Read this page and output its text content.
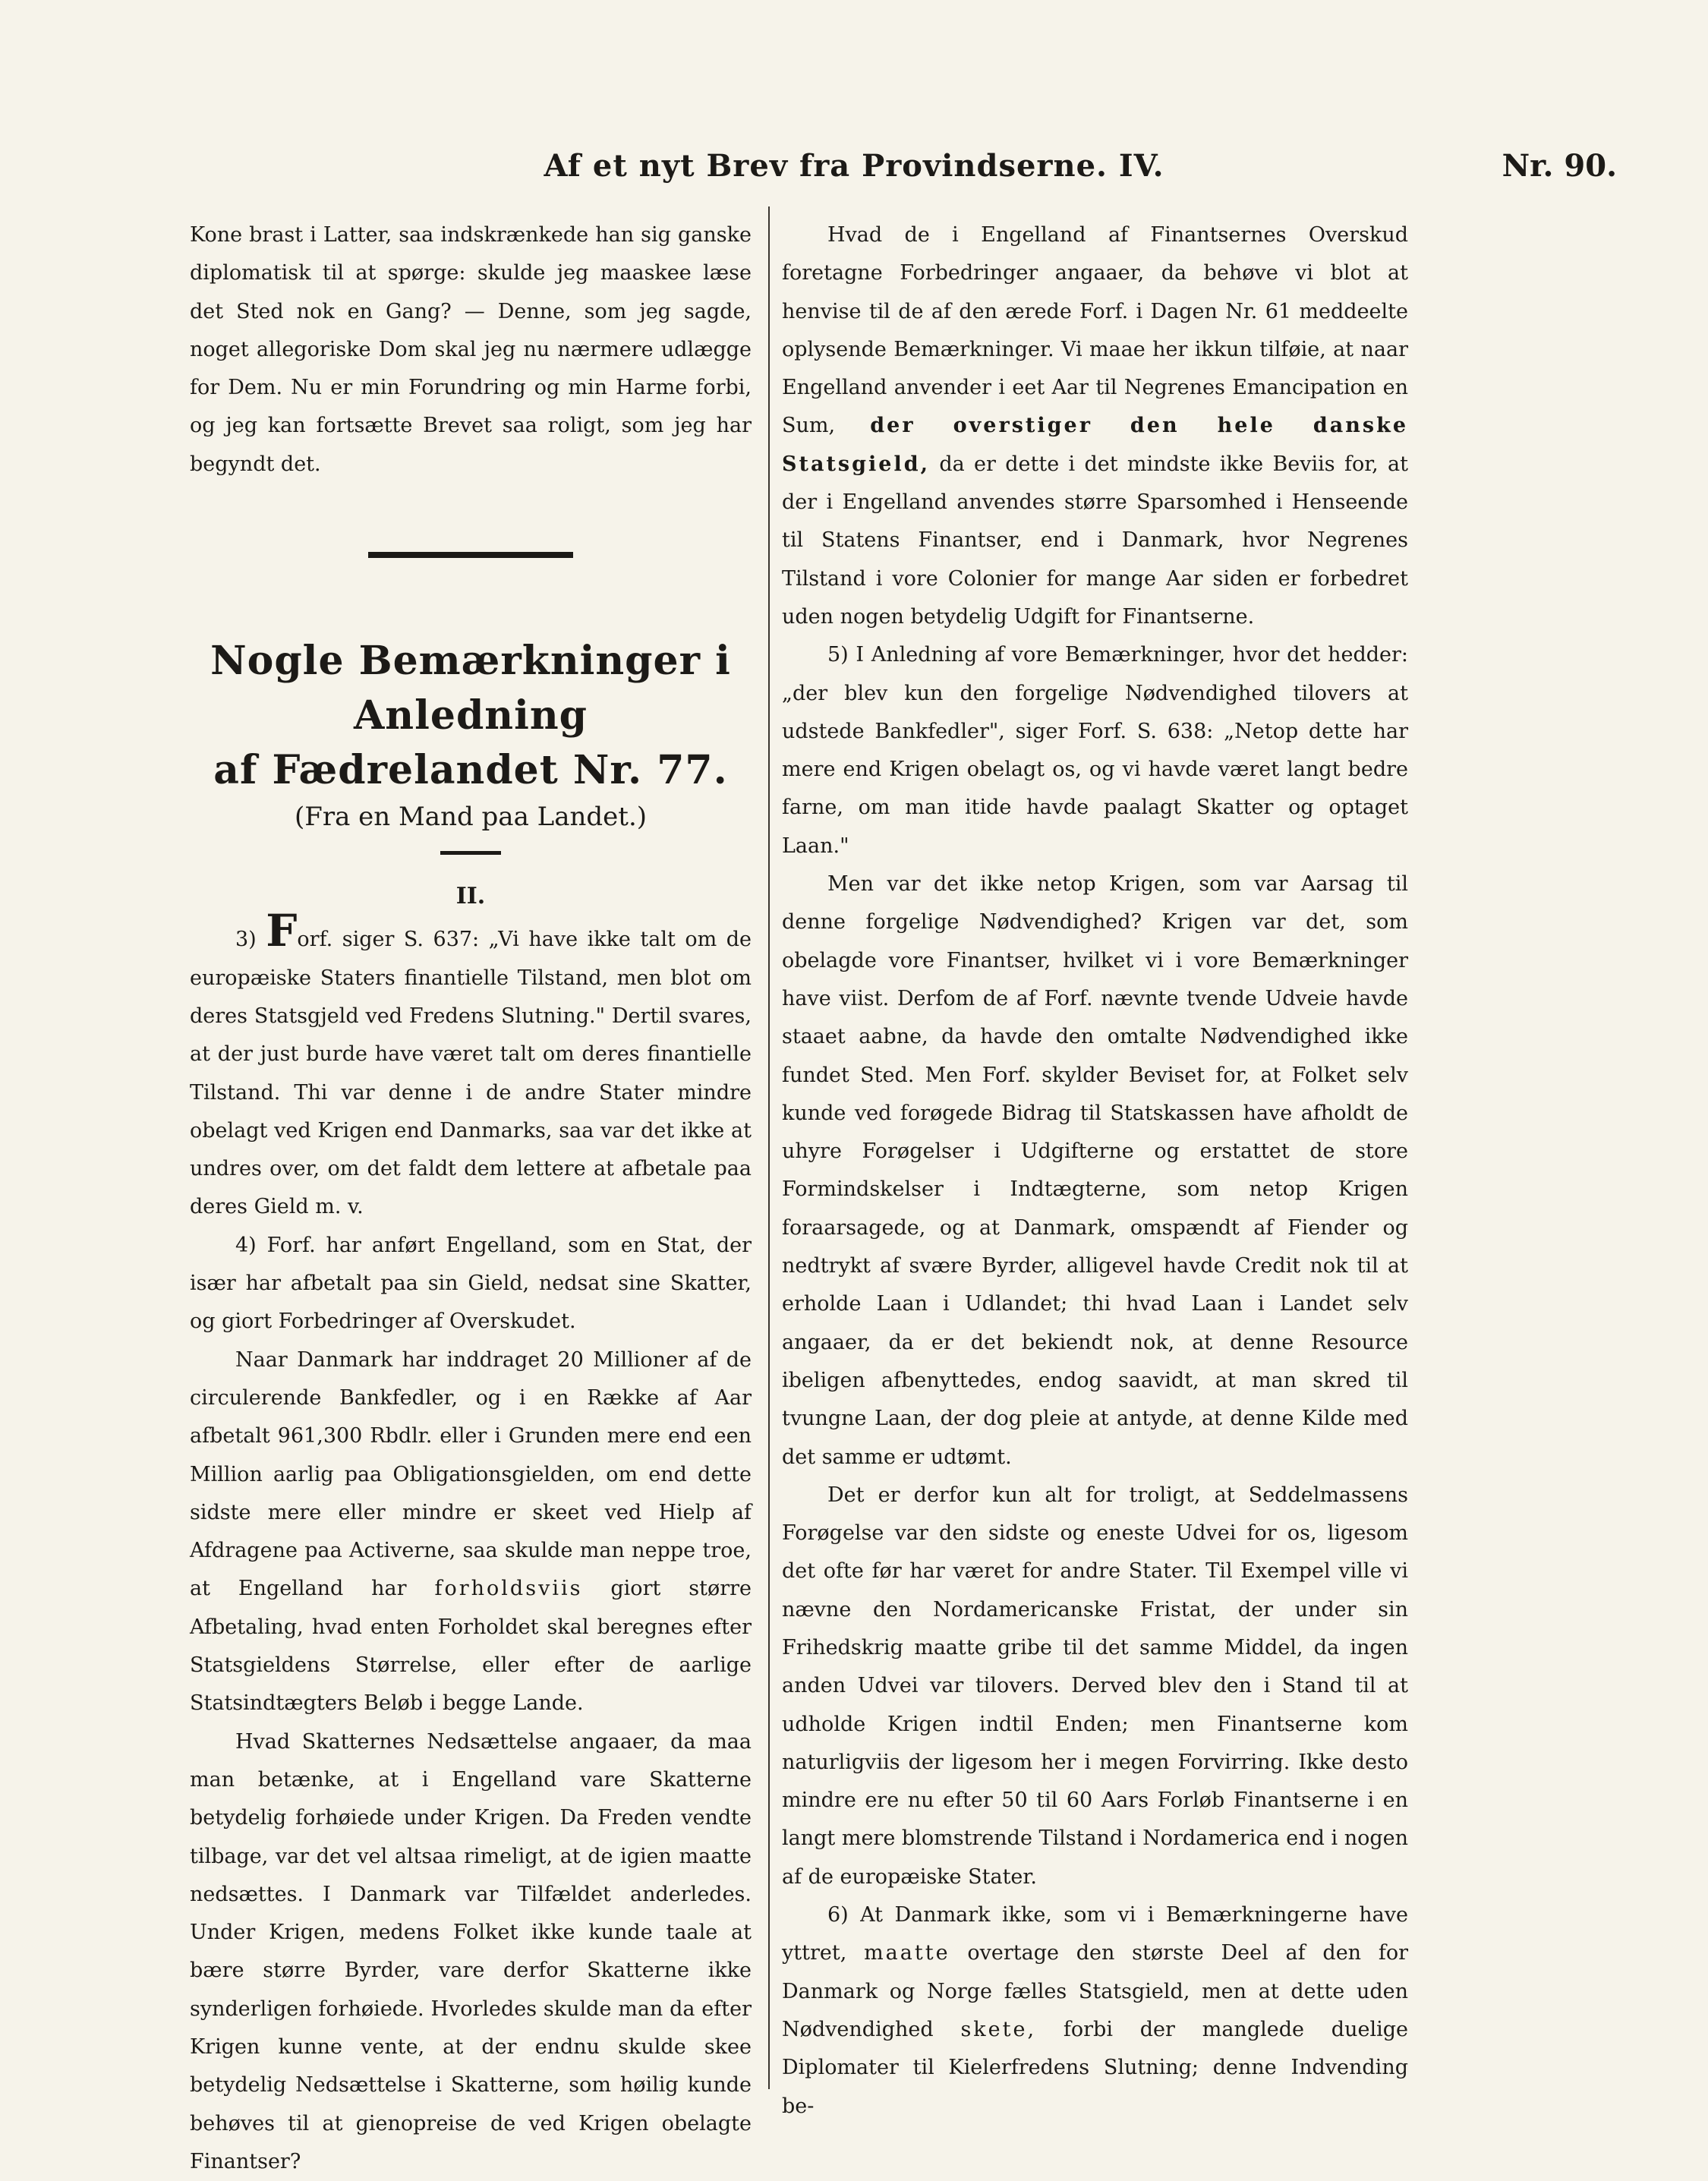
Af et nyt Brev fra Provindserne. IV.	Nr. 90.

Kone brast i Latter, saa indskrænkede han sig ganske diplomatisk til at spørge: skulde jeg maaskee læse det Sted nok en Gang? — Denne, som jeg sagde, noget allegoriske Dom skal jeg nu nærmere udlægge for Dem. Nu er min Forundring og min Harme forbi, og jeg kan fortsætte Brevet saa roligt, som jeg har begyndt det.

Nogle Bemærkninger i Anledning

af Fædrelandet Nr. 77.

(Fra en Mand paa Landet.)

II.

3) Forf. siger S. 637: „Vi have ikke talt om de europæiske Staters finantielle Tilstand, men blot om deres Statsgjeld ved Fredens Slutning." Dertil svares, at der just burde have været talt om deres finantielle Tilstand. Thi var denne i de andre Stater mindre obelagt ved Krigen end Danmarks, saa var det ikke at undres over, om det faldt dem lettere at afbetale paa deres Gield m. v.

4) Forf. har anført Engelland, som en Stat, der især har afbetalt paa sin Gield, nedsat sine Skatter, og giort Forbedringer af Overskudet.

Naar Danmark har inddraget 20 Millioner af de circulerende Bankfedler, og i en Række af Aar afbetalt 961,300 Rbdlr. eller i Grunden mere end een Million aarlig paa Obligationsgielden, om end dette sidste mere eller mindre er skeet ved Hielp af Afdragene paa Activerne, saa skulde man neppe troe, at Engelland har forholdsviis giort større Afbetaling, hvad enten Forholdet skal beregnes efter Statsgieldens Størrelse, eller efter de aarlige Statsindtægters Beløb i begge Lande.

Hvad Skatternes Nedsættelse angaaer, da maa man betænke, at i Engelland vare Skatterne betydelig forhøiede under Krigen. Da Freden vendte tilbage, var det vel altsaa rimeligt, at de igien maatte nedsættes. I Danmark var Tilfældet anderledes. Under Krigen, medens Folket ikke kunde taale at bære større Byrder, vare derfor Skatterne ikke synderligen forhøiede. Hvorledes skulde man da efter Krigen kunne vente, at der endnu skulde skee betydelig Nedsættelse i Skatterne, som høilig kunde behøves til at gienopreise de ved Krigen obelagte Finantser?

Hvad de i Engelland af Finantsernes Overskud foretagne Forbedringer angaaer, da behøve vi blot at henvise til de af den ærede Forf. i Dagen Nr. 61 meddeelte oplysende Bemærkninger. Vi maae her ikkun tilføie, at naar Engelland anvender i eet Aar til Negrenes Emancipation en Sum, der overstiger den hele danske Statsgield, da er dette i det mindste ikke Beviis for, at der i Engelland anvendes større Sparsomhed i Henseende til Statens Finantser, end i Danmark, hvor Negrenes Tilstand i vore Colonier for mange Aar siden er forbedret uden nogen betydelig Udgift for Finantserne.

5) I Anledning af vore Bemærkninger, hvor det hedder: „der blev kun den forgelige Nødvendighed tilovers at udstede Bankfedler", siger Forf. S. 638: „Netop dette har mere end Krigen obelagt os, og vi havde været langt bedre farne, om man itide havde paalagt Skatter og optaget Laan."

Men var det ikke netop Krigen, som var Aarsag til denne forgelige Nødvendighed? Krigen var det, som obelagde vore Finantser, hvilket vi i vore Bemærkninger have viist. Derfom de af Forf. nævnte tvende Udveie havde staaet aabne, da havde den omtalte Nødvendighed ikke fundet Sted. Men Forf. skylder Beviset for, at Folket selv kunde ved forøgede Bidrag til Statskassen have afholdt de uhyre Forøgelser i Udgifterne og erstattet de store Formindskelser i Indtægterne, som netop Krigen foraarsagede, og at Danmark, omspændt af Fiender og nedtrykt af svære Byrder, alligevel havde Credit nok til at erholde Laan i Udlandet; thi hvad Laan i Landet selv angaaer, da er det bekiendt nok, at denne Resource ibeligen afbenyttedes, endog saavidt, at man skred til tvungne Laan, der dog pleie at antyde, at denne Kilde med det samme er udtømt.

Det er derfor kun alt for troligt, at Seddelmassens Forøgelse var den sidste og eneste Udvei for os, ligesom det ofte før har været for andre Stater. Til Exempel ville vi nævne den Nordamericanske Fristat, der under sin Frihedskrig maatte gribe til det samme Middel, da ingen anden Udvei var tilovers. Derved blev den i Stand til at udholde Krigen indtil Enden; men Finantserne kom naturligviis der ligesom her i megen Forvirring. Ikke desto mindre ere nu efter 50 til 60 Aars Forløb Finantserne i en langt mere blomstrende Tilstand i Nordamerica end i nogen af de europæiske Stater.

6) At Danmark ikke, som vi i Bemærkningerne have yttret, maatte overtage den største Deel af den for Danmark og Norge fælles Statsgield, men at dette uden Nødvendighed skete, forbi der manglede duelige Diplomater til Kielerfredens Slutning; denne Indvending be-
